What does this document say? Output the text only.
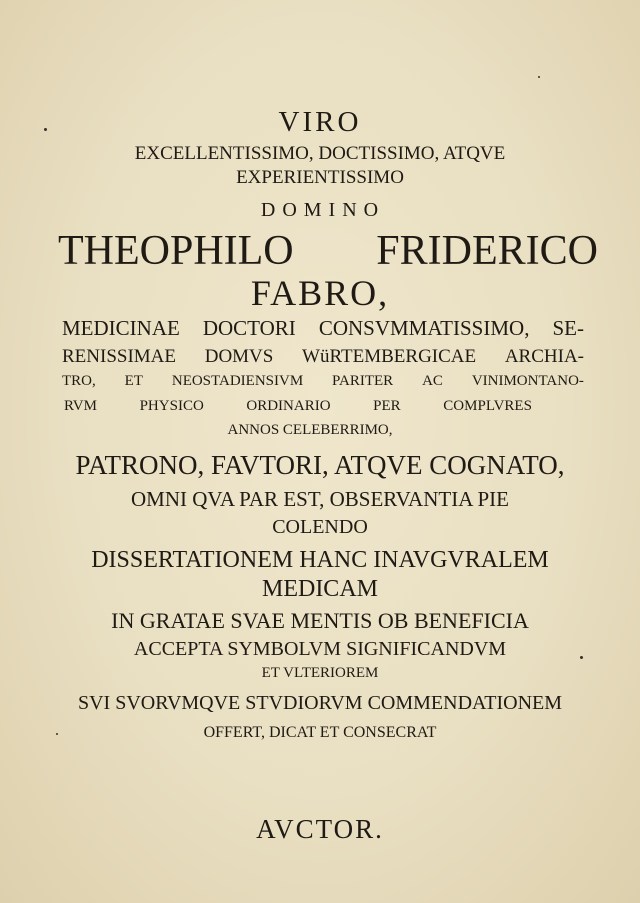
VIRO
EXCELLENTISSIMO, DOCTISSIMO, ATQVE
EXPERIENTISSIMO
D O M I N O
THEOPHILO FRIDERICO
FABRO,
MEDICINAE DOCTORI CONSVMMATISSIMO, SE-
RENISSIMAE DOMVS WüRTEMBERGICAE ARCHIA-
TRO, ET NEOSTADIENSIVM PARITER AC VINIMONTANO-
RVM	PHYSICO	ORDINARIO	PER	COMPLVRES
ANNOS CELEBERRIMO,
PATRONO, FAVTORI, ATQVE COGNATO,
OMNI QVA PAR EST, OBSERVANTIA PIE
COLENDO
DISSERTATIONEM HANC INAVGVRALEM
MEDICAM
IN GRATAE SVAE MENTIS OB BENEFICIA
ACCEPTA SYMBOLVM SIGNIFICANDVM
ET VLTERIOREM
SVI SVORVMQVE STVDIORVM COMMENDATIONEM
OFFERT, DICAT ET CONSECRAT
AVCTOR.
